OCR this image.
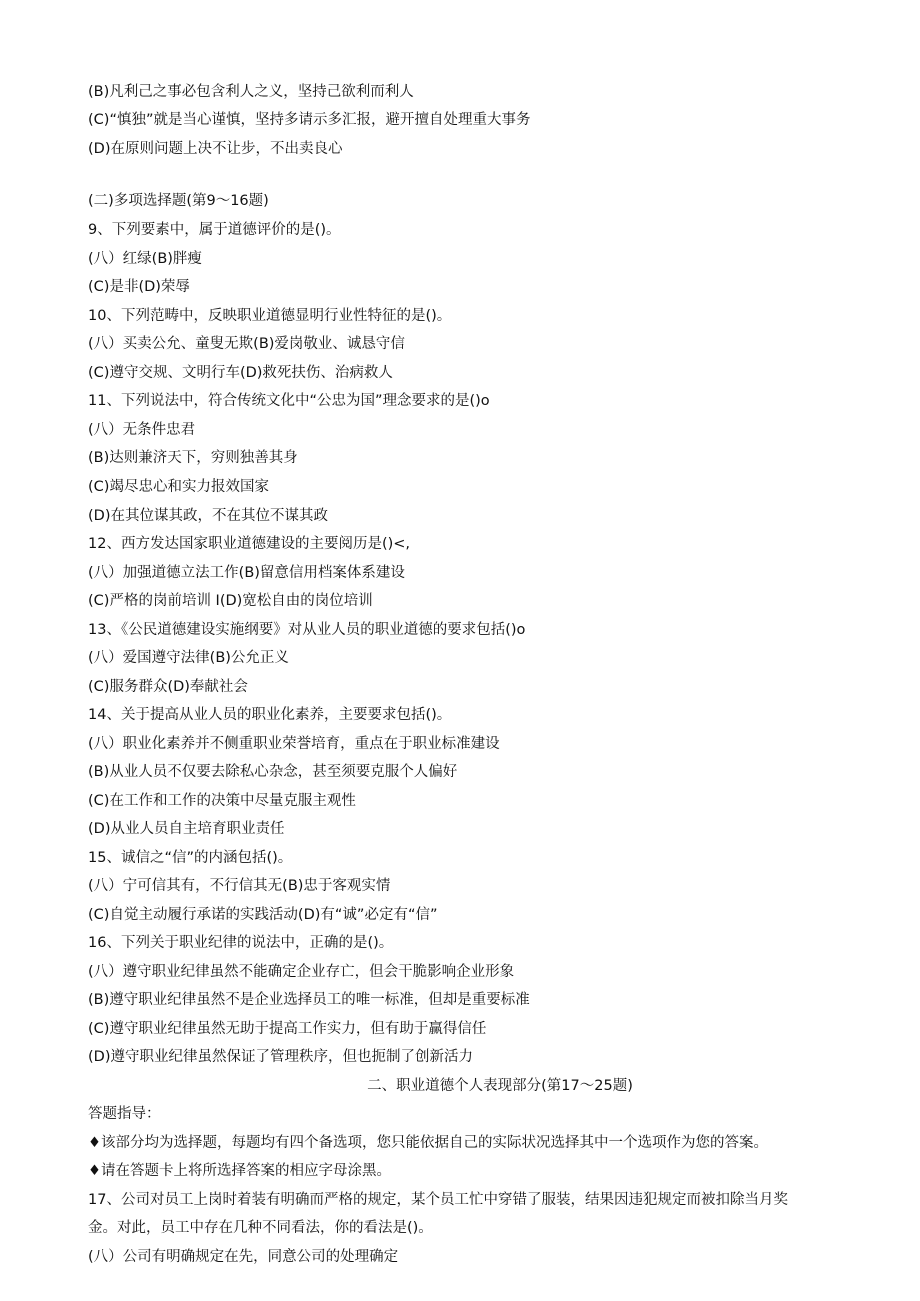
(B)凡利己之事必包含利人之义，坚持己欲利而利人
(C)“慎独”就是当心谨慎，坚持多请示多汇报，避开擅自处理重大事务
(D)在原则问题上决不让步，不出卖良心
(二)多项选择题(第9〜16题)
9、下列要素中，属于道德评价的是()。
(八）红绿(B)胖瘦
(C)是非(D)荣辱
10、下列范畴中，反映职业道德显明行业性特征的是()。
(八）买卖公允、童叟无欺(B)爱岗敬业、诚恳守信
(C)遵守交规、文明行车(D)救死扶伤、治病救人
11、下列说法中，符合传统文化中“公忠为国”理念要求的是()o
(八）无条件忠君
(B)达则兼济天下，穷则独善其身
(C)竭尽忠心和实力报效国家
(D)在其位谋其政，不在其位不谋其政
12、西方发达国家职业道德建设的主要阅历是()<,
(八）加强道德立法工作(B)留意信用档案体系建设
(C)严格的岗前培训 I(D)宽松自由的岗位培训
13、《公民道德建设实施纲要》对从业人员的职业道德的要求包括()o
(八）爱国遵守法律(B)公允正义
(C)服务群众(D)奉献社会
14、关于提高从业人员的职业化素养，主要要求包括()。
(八）职业化素养并不侧重职业荣誉培育，重点在于职业标准建设
(B)从业人员不仅要去除私心杂念，甚至须要克服个人偏好
(C)在工作和工作的决策中尽量克服主观性
(D)从业人员自主培育职业责任
15、诚信之“信”的内涵包括()。
(八）宁可信其有，不行信其无(B)忠于客观实情
(C)自觉主动履行承诺的实践活动(D)有“诚”必定有“信”
16、下列关于职业纪律的说法中，正确的是()。
(八）遵守职业纪律虽然不能确定企业存亡，但会干脆影响企业形象
(B)遵守职业纪律虽然不是企业选择员工的唯一标准，但却是重要标准
(C)遵守职业纪律虽然无助于提高工作实力，但有助于赢得信任
(D)遵守职业纪律虽然保证了管理秩序，但也扼制了创新活力
二、职业道德个人表现部分(第17〜25题)
答题指导：
♦该部分均为选择题，每题均有四个备选项，您只能依据自己的实际状况选择其中一个选项作为您的答案。
♦请在答题卡上将所选择答案的相应字母涂黑。
17、公司对员工上岗时着装有明确而严格的规定，某个员工忙中穿错了服装，结果因违犯规定而被扣除当月奖
金。对此，员工中存在几种不同看法，你的看法是()。
(八）公司有明确规定在先，同意公司的处理确定
